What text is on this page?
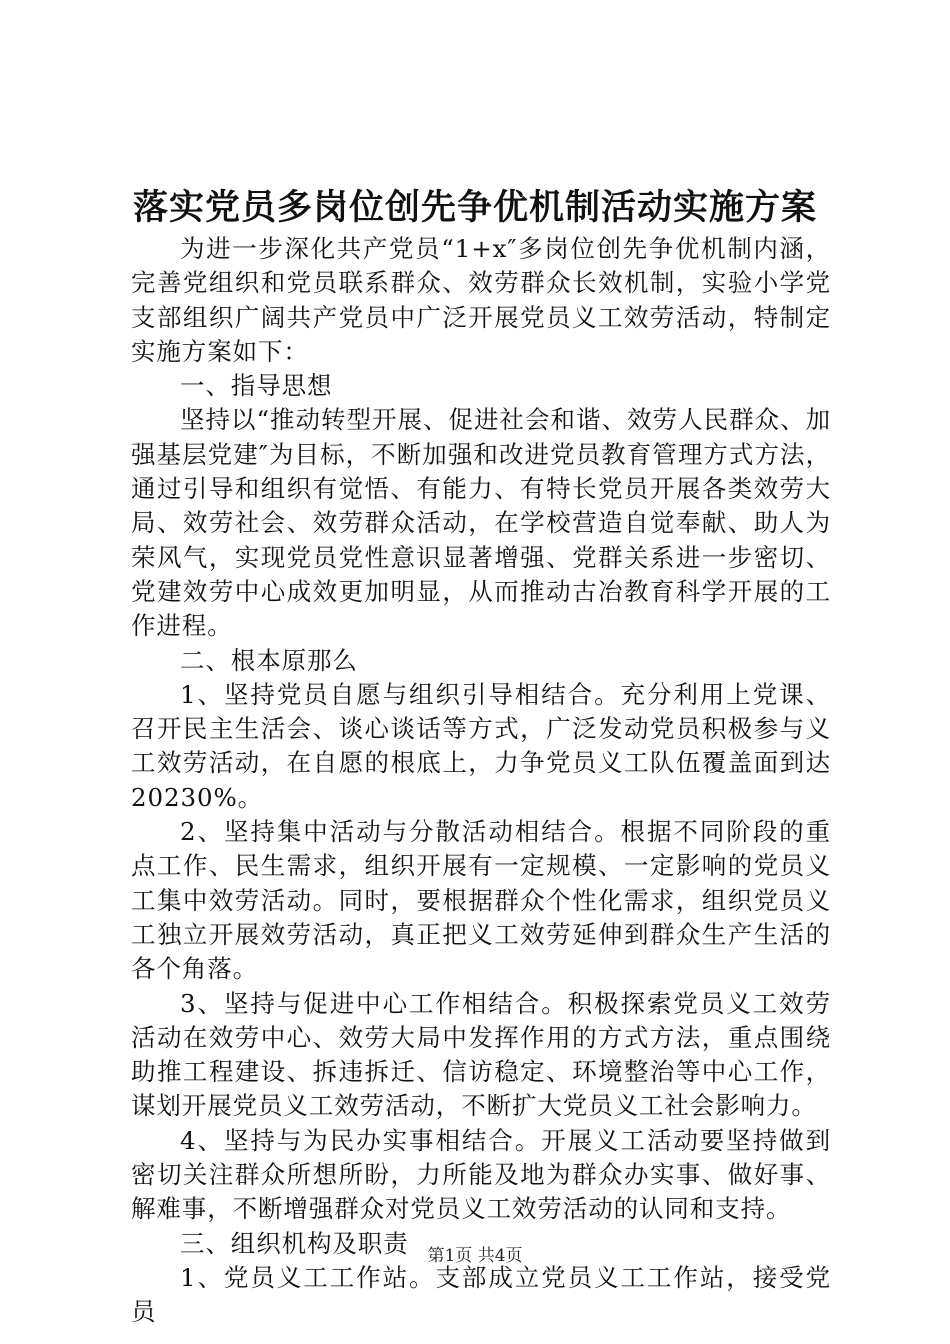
落实党员多岗位创先争优机制活动实施方案

为进一步深化共产党员“1+x″多岗位创先争优机制内涵，完善党组织和党员联系群众、效劳群众长效机制，实验小学党支部组织广阔共产党员中广泛开展党员义工效劳活动，特制定实施方案如下：

一、指导思想

坚持以“推动转型开展、促进社会和谐、效劳人民群众、加强基层党建″为目标，不断加强和改进党员教育管理方式方法，通过引导和组织有觉悟、有能力、有特长党员开展各类效劳大局、效劳社会、效劳群众活动，在学校营造自觉奉献、助人为荣风气，实现党员党性意识显著增强、党群关系进一步密切、党建效劳中心成效更加明显，从而推动古冶教育科学开展的工作进程。

二、根本原那么

1、坚持党员自愿与组织引导相结合。充分利用上党课、召开民主生活会、谈心谈话等方式，广泛发动党员积极参与义工效劳活动，在自愿的根底上，力争党员义工队伍覆盖面到达20230%。

2、坚持集中活动与分散活动相结合。根据不同阶段的重点工作、民生需求，组织开展有一定规模、一定影响的党员义工集中效劳活动。同时，要根据群众个性化需求，组织党员义工独立开展效劳活动，真正把义工效劳延伸到群众生产生活的各个角落。

3、坚持与促进中心工作相结合。积极探索党员义工效劳活动在效劳中心、效劳大局中发挥作用的方式方法，重点围绕助推工程建设、拆违拆迁、信访稳定、环境整治等中心工作，谋划开展党员义工效劳活动，不断扩大党员义工社会影响力。

4、坚持与为民办实事相结合。开展义工活动要坚持做到密切关注群众所想所盼，力所能及地为群众办实事、做好事、解难事，不断增强群众对党员义工效劳活动的认同和支持。

三、组织机构及职责

1、党员义工工作站。支部成立党员义工工作站，接受党员

第1页 共4页
